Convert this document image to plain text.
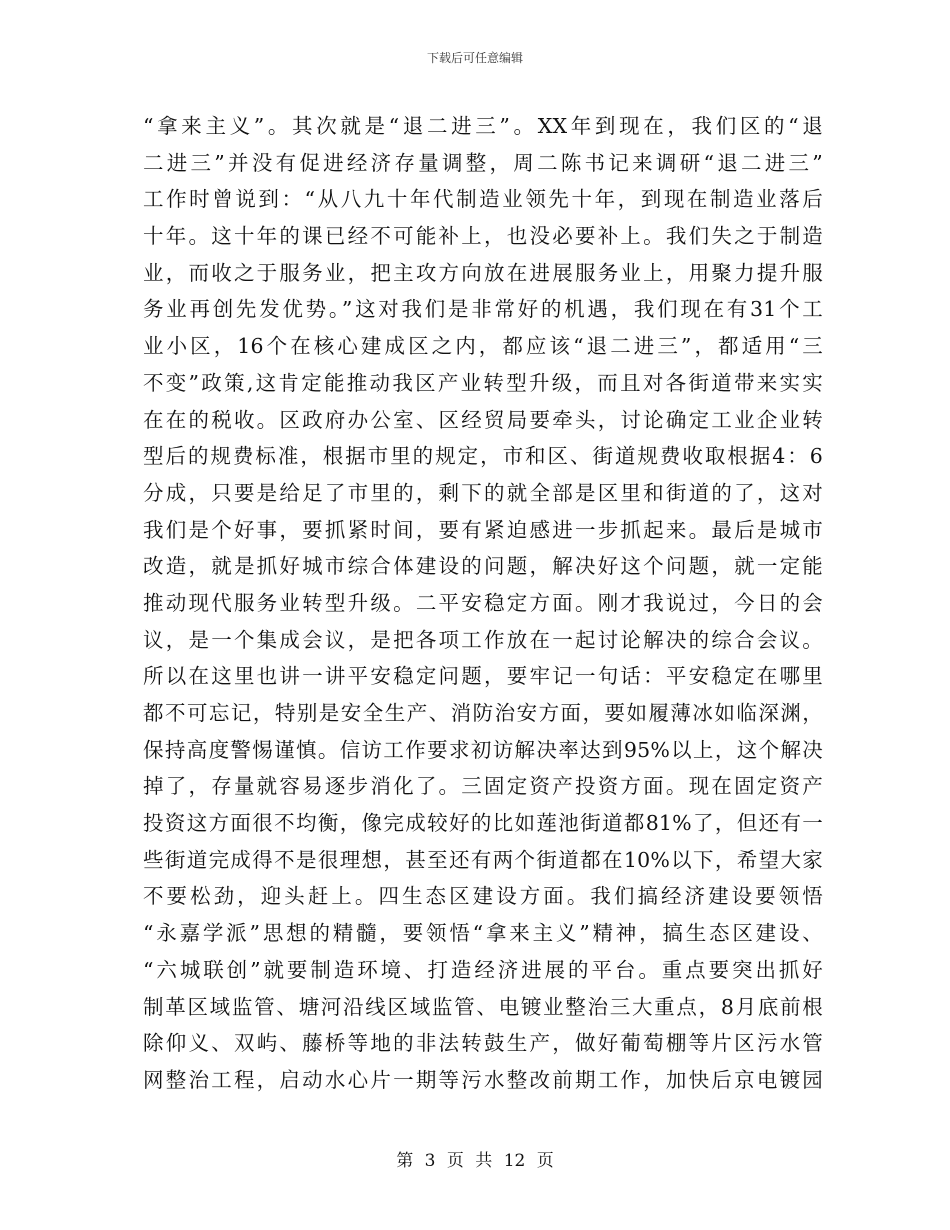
下载后可任意编辑
“拿来主义”。其次就是“退二进三”。XX年到现在，我们区的“退
二进三”并没有促进经济存量调整，周二陈书记来调研“退二进三”
工作时曾说到：“从八九十年代制造业领先十年，到现在制造业落后
十年。这十年的课已经不可能补上，也没必要补上。我们失之于制造
业，而收之于服务业，把主攻方向放在进展服务业上，用聚力提升服
务业再创先发优势。”这对我们是非常好的机遇，我们现在有31个工
业小区，16个在核心建成区之内，都应该“退二进三”，都适用“三
不变”政策,这肯定能推动我区产业转型升级，而且对各街道带来实实
在在的税收。区政府办公室、区经贸局要牵头，讨论确定工业企业转
型后的规费标准，根据市里的规定，市和区、街道规费收取根据4：6
分成，只要是给足了市里的，剩下的就全部是区里和街道的了，这对
我们是个好事，要抓紧时间，要有紧迫感进一步抓起来。最后是城市
改造，就是抓好城市综合体建设的问题，解决好这个问题，就一定能
推动现代服务业转型升级。二平安稳定方面。刚才我说过，今日的会
议，是一个集成会议，是把各项工作放在一起讨论解决的综合会议。
所以在这里也讲一讲平安稳定问题，要牢记一句话：平安稳定在哪里
都不可忘记，特别是安全生产、消防治安方面，要如履薄冰如临深渊，
保持高度警惕谨慎。信访工作要求初访解决率达到95%以上，这个解决
掉了，存量就容易逐步消化了。三固定资产投资方面。现在固定资产
投资这方面很不均衡，像完成较好的比如莲池街道都81%了，但还有一
些街道完成得不是很理想，甚至还有两个街道都在10%以下，希望大家
不要松劲，迎头赶上。四生态区建设方面。我们搞经济建设要领悟
“永嘉学派”思想的精髓，要领悟“拿来主义”精神，搞生态区建设、
“六城联创”就要制造环境、打造经济进展的平台。重点要突出抓好
制革区域监管、塘河沿线区域监管、电镀业整治三大重点，8月底前根
除仰义、双屿、藤桥等地的非法转鼓生产，做好葡萄棚等片区污水管
网整治工程，启动水心片一期等污水整改前期工作，加快后京电镀园
第 3 页 共 12 页
